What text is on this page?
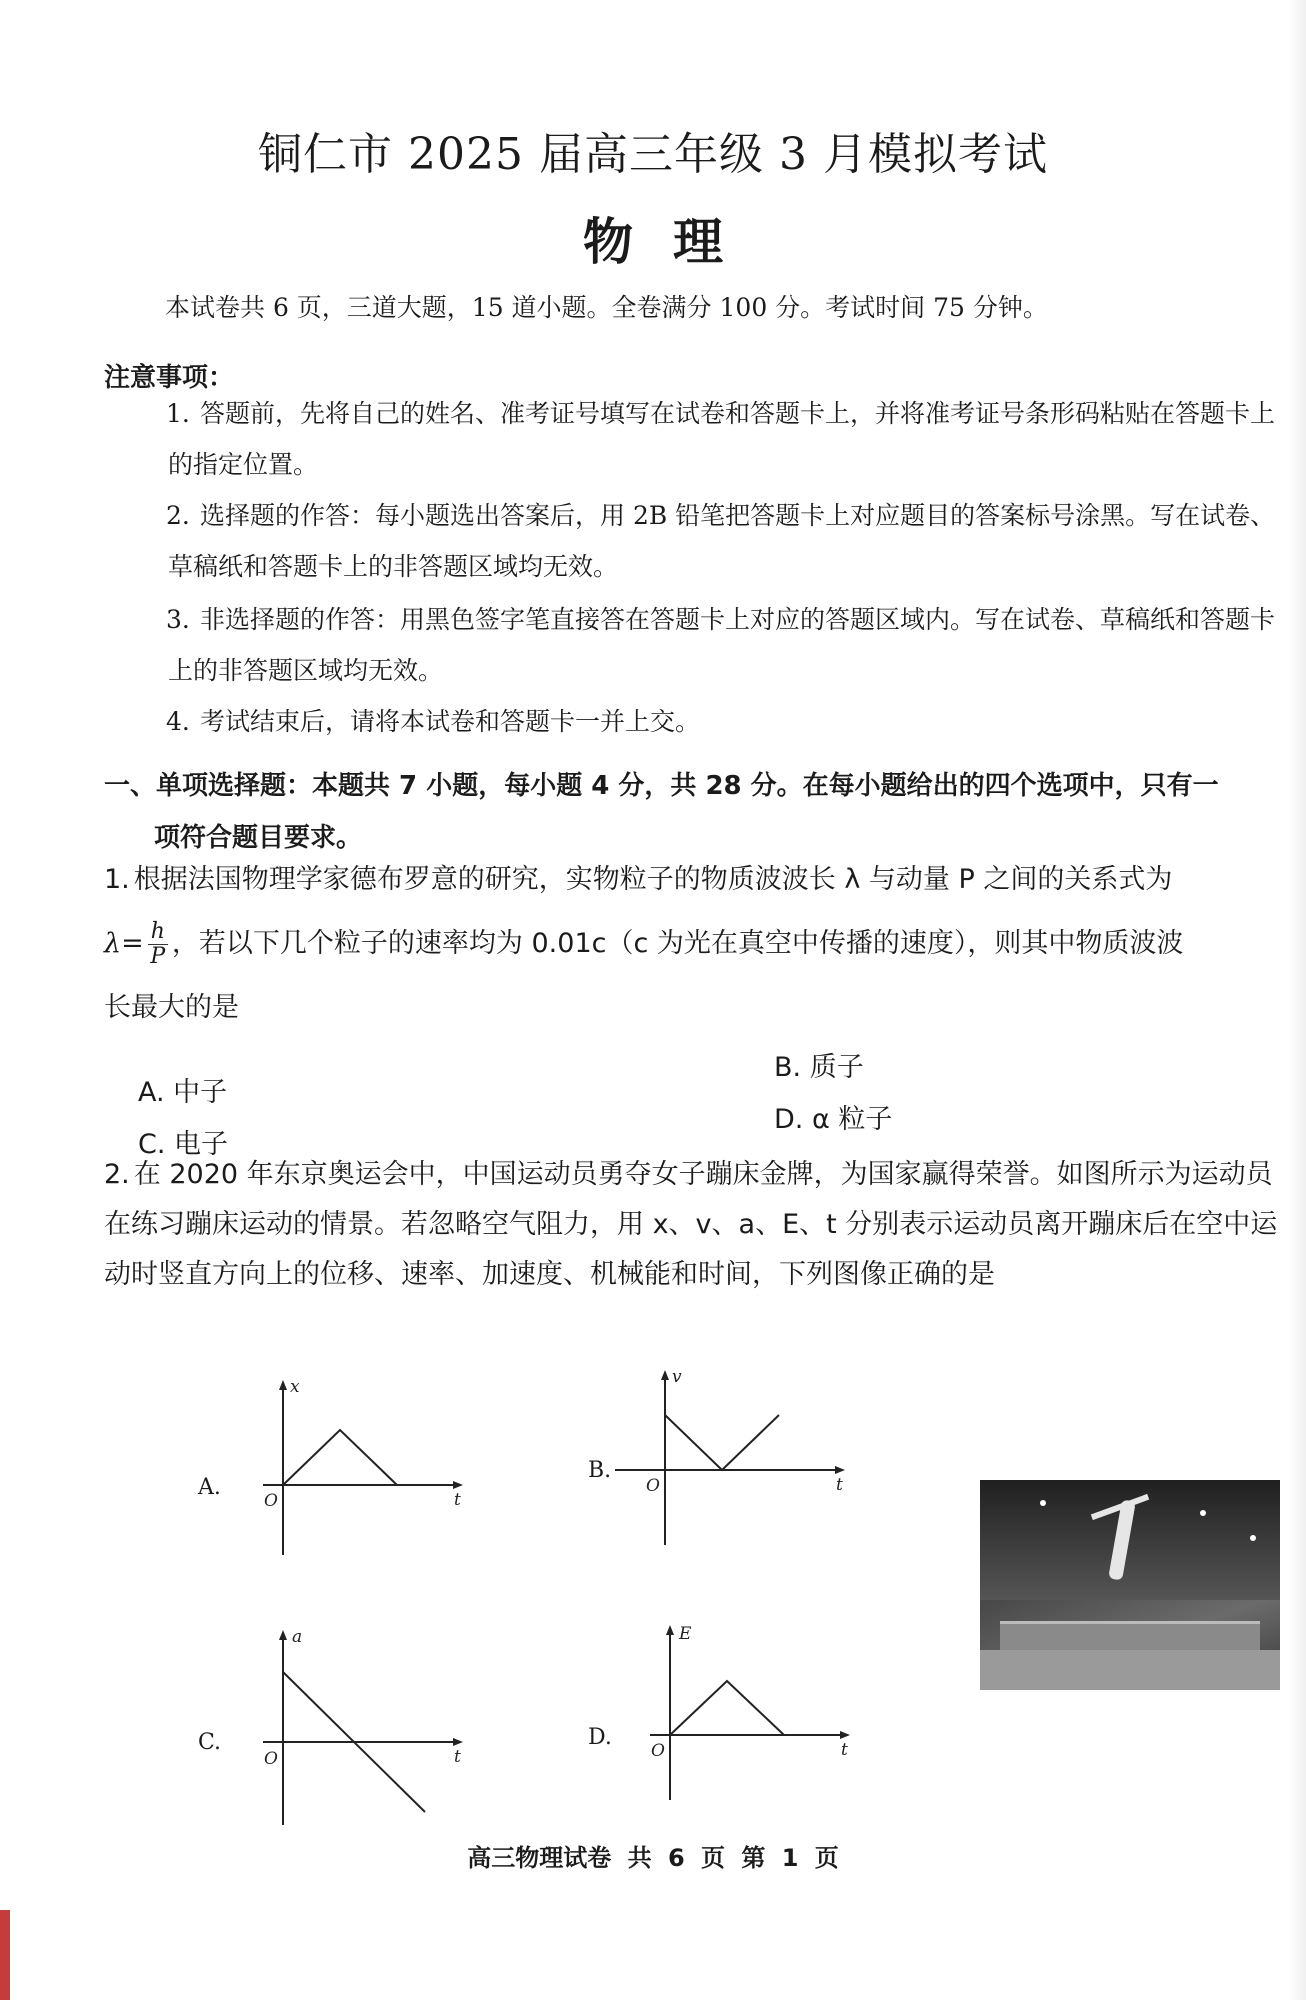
铜仁市 2025 届高三年级 3 月模拟考试
物理
本试卷共 6 页，三道大题，15 道小题。全卷满分 100 分。考试时间 75 分钟。
注意事项：
1. 答题前，先将自己的姓名、准考证号填写在试卷和答题卡上，并将准考证号条形码粘贴在答题卡上的指定位置。
2. 选择题的作答：每小题选出答案后，用 2B 铅笔把答题卡上对应题目的答案标号涂黑。写在试卷、草稿纸和答题卡上的非答题区域均无效。
3. 非选择题的作答：用黑色签字笔直接答在答题卡上对应的答题区域内。写在试卷、草稿纸和答题卡上的非答题区域均无效。
4. 考试结束后，请将本试卷和答题卡一并上交。
一、单项选择题：本题共 7 小题，每小题 4 分，共 28 分。在每小题给出的四个选项中，只有一
项符合题目要求。
1. 根据法国物理学家德布罗意的研究，实物粒子的物质波波长 λ 与动量 P 之间的关系式为
$\lambda= \frac{h}{P}$ ，若以下几个粒子的速率均为 0.01c（c 为光在真空中传播的速度），则其中物质波波
长最大的是
A. 中子
B. 质子
C. 电子
D. α 粒子
2. 在 2020 年东京奥运会中，中国运动员勇夺女子蹦床金牌，为国家赢得荣誉。如图所示为运动员在练习蹦床运动的情景。若忽略空气阻力，用 x、v、a、E、t 分别表示运动员离开蹦床后在空中运动时竖直方向上的位移、速率、加速度、机械能和时间，下列图像正确的是
A.
x
t
O
B.
v
t
O
C.
a
t
O
D.
E
t
O
高三物理试卷 共 6 页 第 1 页
